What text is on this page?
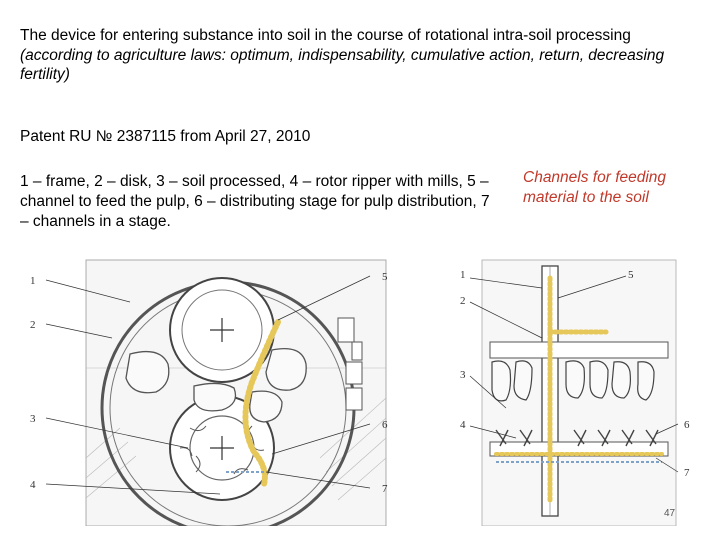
The device for entering substance into soil in the course of rotational intra-soil processing
(according to agriculture laws: optimum, indispensability, cumulative action, return, decreasing fertility)
Patent RU № 2387115 from April 27, 2010
1 – frame, 2 – disk, 3 – soil processed, 4 – rotor ripper with mills, 5 – channel to feed the pulp, 6 – distributing stage for pulp distribution, 7 – channels in a stage.
Channels for feeding material to the soil
1
2
3
4
5
6
7
1
2
3
4
5
6
7
47
